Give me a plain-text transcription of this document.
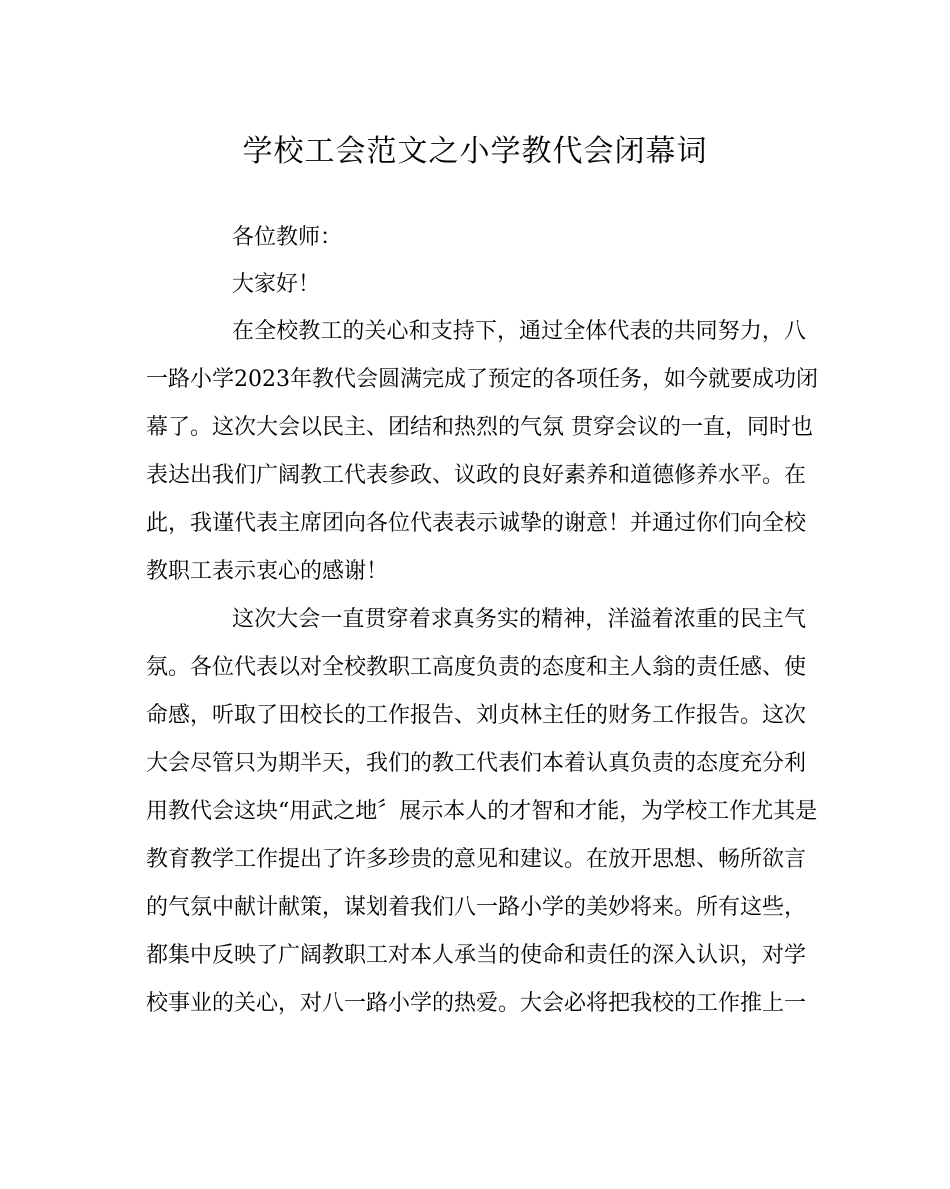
学校工会范文之小学教代会闭幕词
各位教师：
大家好！
在全校教工的关心和支持下，通过全体代表的共同努力，八
一路小学2023年教代会圆满完成了预定的各项任务，如今就要成功闭
幕了。这次大会以民主、团结和热烈的气氛 贯穿会议的一直，同时也
表达出我们广阔教工代表参政、议政的良好素养和道德修养水平。在
此，我谨代表主席团向各位代表表示诚挚的谢意！并通过你们向全校
教职工表示衷心的感谢！
这次大会一直贯穿着求真务实的精神，洋溢着浓重的民主气
氛。各位代表以对全校教职工高度负责的态度和主人翁的责任感、使
命感，听取了田校长的工作报告、刘贞林主任的财务工作报告。这次
大会尽管只为期半天，我们的教工代表们本着认真负责的态度充分利
用教代会这块“用武之地〞展示本人的才智和才能，为学校工作尤其是
教育教学工作提出了许多珍贵的意见和建议。在放开思想、畅所欲言
的气氛中献计献策，谋划着我们八一路小学的美妙将来。所有这些，
都集中反映了广阔教职工对本人承当的使命和责任的深入认识，对学
校事业的关心，对八一路小学的热爱。大会必将把我校的工作推上一
